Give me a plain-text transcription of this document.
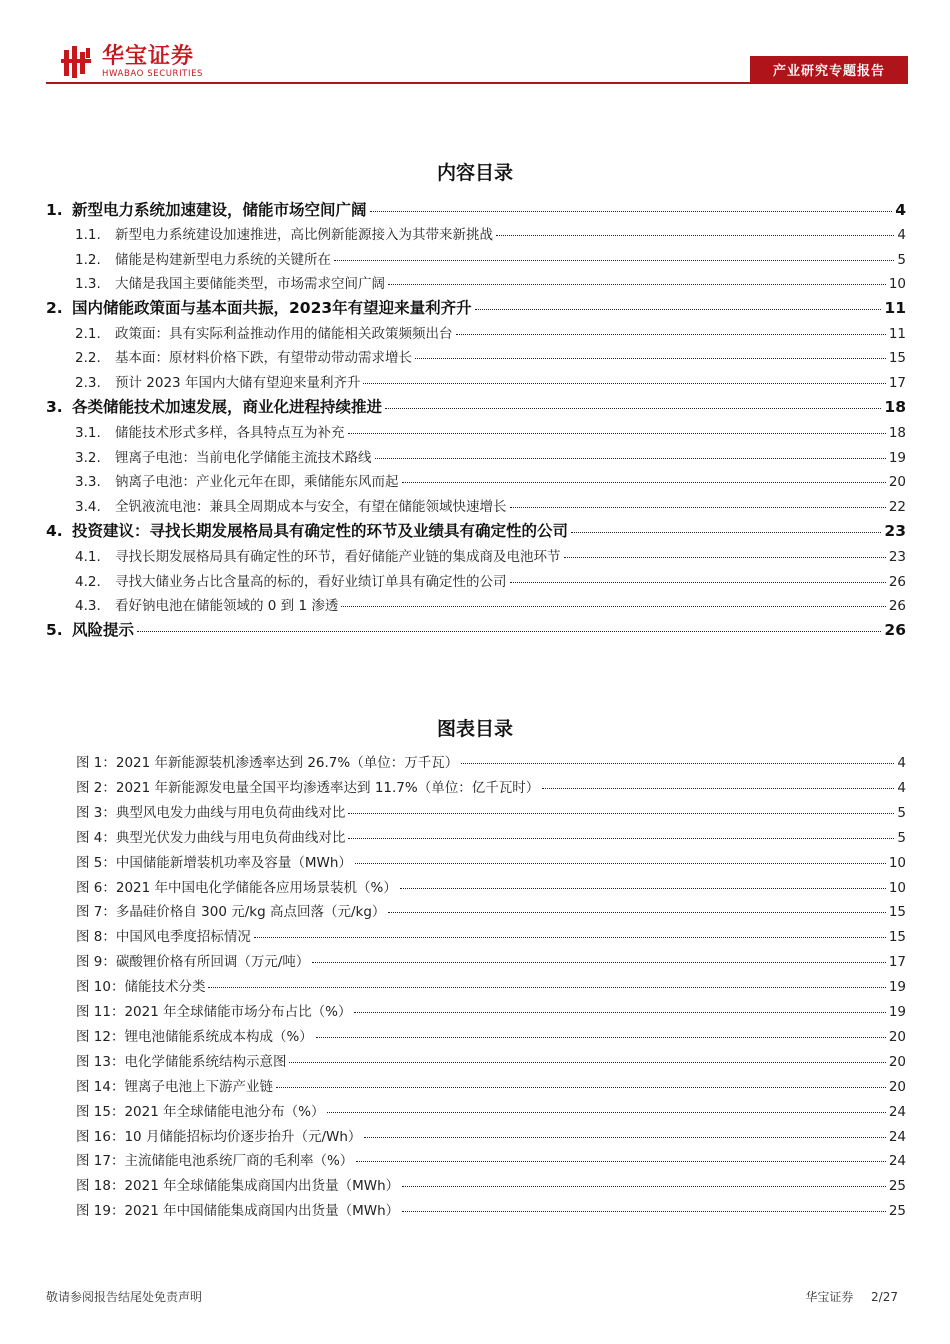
华宝证券
HWABAO SECURITIES	产业研究专题报告
内容目录
1. 新型电力系统加速建设，储能市场空间广阔	4
1.1.	新型电力系统建设加速推进，高比例新能源接入为其带来新挑战	4
1.2.	储能是构建新型电力系统的关键所在	5
1.3.	大储是我国主要储能类型，市场需求空间广阔	10
2. 国内储能政策面与基本面共振，2023年有望迎来量利齐升	11
2.1.	政策面：具有实际利益推动作用的储能相关政策频频出台	11
2.2.	基本面：原材料价格下跌，有望带动带动需求增长	15
2.3.	预计 2023 年国内大储有望迎来量利齐升	17
3. 各类储能技术加速发展，商业化进程持续推进	18
3.1.	储能技术形式多样，各具特点互为补充	18
3.2.	锂离子电池：当前电化学储能主流技术路线	19
3.3.	钠离子电池：产业化元年在即，乘储能东风而起	20
3.4.	全钒液流电池：兼具全周期成本与安全，有望在储能领域快速增长	22
4. 投资建议：寻找长期发展格局具有确定性的环节及业绩具有确定性的公司	23
4.1.	寻找长期发展格局具有确定性的环节，看好储能产业链的集成商及电池环节	23
4.2.	寻找大储业务占比含量高的标的，看好业绩订单具有确定性的公司	26
4.3.	看好钠电池在储能领域的 0 到 1 渗透	26
5. 风险提示	26
图表目录
图 1：2021 年新能源装机渗透率达到 26.7%（单位：万千瓦）	4
图 2：2021 年新能源发电量全国平均渗透率达到 11.7%（单位：亿千瓦时）	4
图 3：典型风电发力曲线与用电负荷曲线对比	5
图 4：典型光伏发力曲线与用电负荷曲线对比	5
图 5：中国储能新增装机功率及容量（MWh）	10
图 6：2021 年中国电化学储能各应用场景装机（%）	10
图 7：多晶硅价格自 300 元/kg 高点回落（元/kg）	15
图 8：中国风电季度招标情况	15
图 9：碳酸锂价格有所回调（万元/吨）	17
图 10：储能技术分类	19
图 11：2021 年全球储能市场分布占比（%）	19
图 12：锂电池储能系统成本构成（%）	20
图 13：电化学储能系统结构示意图	20
图 14：锂离子电池上下游产业链	20
图 15：2021 年全球储能电池分布（%）	24
图 16：10 月储能招标均价逐步抬升（元/Wh）	24
图 17：主流储能电池系统厂商的毛利率（%）	24
图 18：2021 年全球储能集成商国内出货量（MWh）	25
图 19：2021 年中国储能集成商国内出货量（MWh）	25
敬请参阅报告结尾处免责声明	华宝证券 2/27
